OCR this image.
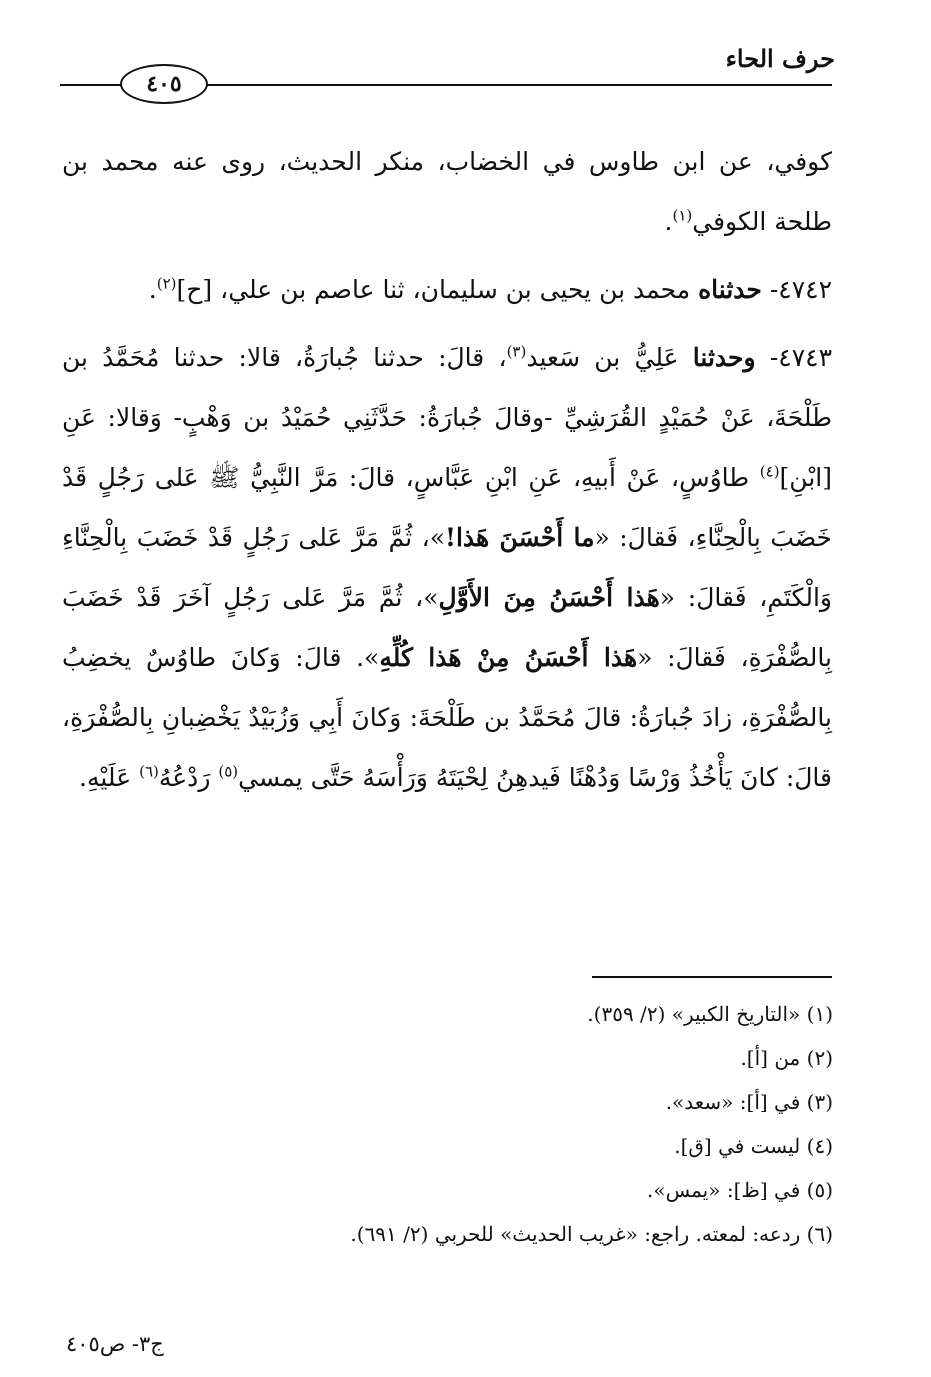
حرف الحاء
٤٠٥

كوفي، عن ابن طاوس في الخضاب، منكر الحديث، روى عنه محمد بن طلحة الكوفي$^{(١)}$.

٤٧٤٢- حدثناه محمد بن يحيى بن سليمان، ثنا عاصم بن علي، [ح]$^{(٢)}$.

٤٧٤٣- وحدثنا عَلِيُّ بن سَعيد$^{(٣)}$، قالَ: حدثنا جُبارَةُ، قالا: حدثنا مُحَمَّدُ بن طَلْحَةَ، عَنْ حُمَيْدٍ القُرَشِيِّ -وقالَ جُبارَةُ: حَدَّثَنِي حُمَيْدُ بن وَهْبٍ- وَقالا: عَنِ [ابْنِ]$^{(٤)}$ طاوُسٍ، عَنْ أَبيهِ، عَنِ ابْنِ عَبَّاسٍ، قالَ: مَرَّ النَّبِيُّ ﷺ عَلى رَجُلٍ قَدْ خَضَبَ بِالْحِنَّاءِ، فَقالَ: «ما أَحْسَنَ هَذا!»، ثُمَّ مَرَّ عَلى رَجُلٍ قَدْ خَضَبَ بِالْحِنَّاءِ وَالْكَتَمِ، فَقالَ: «هَذا أَحْسَنُ مِنَ الأَوَّلِ»، ثُمَّ مَرَّ عَلى رَجُلٍ آخَرَ قَدْ خَضَبَ بِالصُّفْرَةِ، فَقالَ: «هَذا أَحْسَنُ مِنْ هَذا كُلِّهِ». قالَ: وَكانَ طاوُسٌ يخضِبُ بِالصُّفْرَةِ، زادَ جُبارَةُ: قالَ مُحَمَّدُ بن طَلْحَةَ: وَكانَ أَبِي وَزُبَيْدٌ يَخْضِبانِ بِالصُّفْرَةِ، قالَ: كانَ يَأْخُذُ وَرْسًا وَدُهْنًا فَيدهِنُ لِحْيَتَهُ وَرَأْسَهُ حَتَّى يمسي$^{(٥)}$ رَدْعُهُ$^{(٦)}$ عَلَيْهِ.

(١) «التاريخ الكبير» (٢/ ٣٥٩).
(٢) من [أ].
(٣) في [أ]: «سعد».
(٤) ليست في [ق].
(٥) في [ظ]: «يمس».
(٦) ردعه: لمعته. راجع: «غريب الحديث» للحربي (٢/ ٦٩١).
ج٣- ص٤٠٥
